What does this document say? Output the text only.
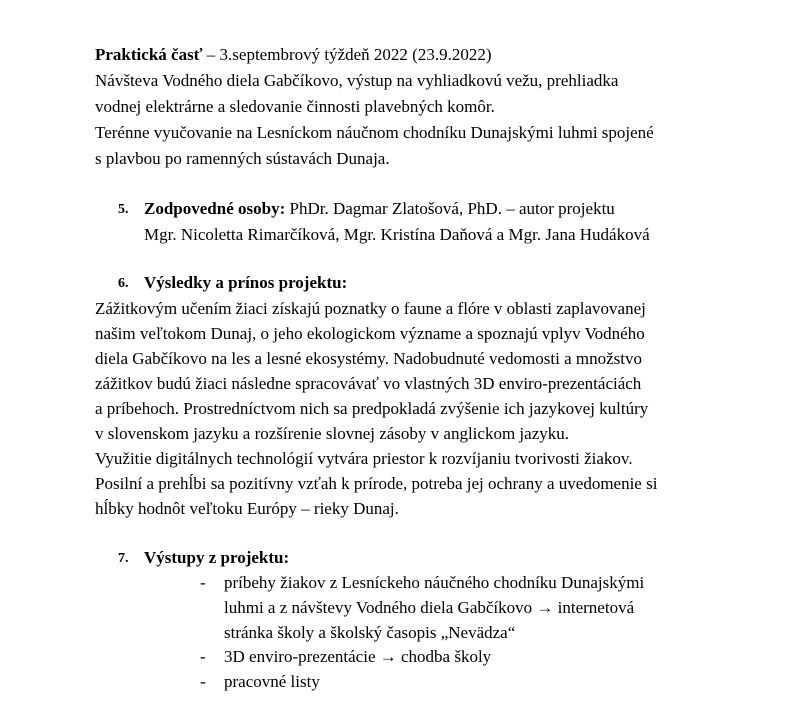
Praktická časť – 3.septembrový týždeň 2022 (23.9.2022)
Návšteva Vodného diela Gabčíkovo, výstup na vyhliadkovú vežu, prehliadka
vodnej elektrárne a sledovanie činnosti plavebných komôr.
Terénne vyučovanie na Lesníckom náučnom chodníku Dunajskými luhmi spojené
s plavbou po ramenných sústavách Dunaja.
5. Zodpovedné osoby: PhDr. Dagmar Zlatošová, PhD. – autor projektu
Mgr. Nicoletta Rimarčíková, Mgr. Kristína Daňová a Mgr. Jana Hudáková
6. Výsledky a prínos projektu:
Zážitkovým učením žiaci získajú poznatky o faune a flóre v oblasti zaplavovanej
našim veľtokom Dunaj, o jeho ekologickom význame a spoznajú vplyv Vodného
diela Gabčíkovo na les a lesné ekosystémy. Nadobudnuté vedomosti a množstvo
zážitkov budú žiaci následne spracovávať vo vlastných 3D enviro-prezentáciách
a príbehoch. Prostredníctvom nich sa predpokladá zvýšenie ich jazykovej kultúry
v slovenskom jazyku a rozšírenie slovnej zásoby v anglickom jazyku.
Využitie digitálnych technológií vytvára priestor k rozvíjaniu tvorivosti žiakov.
Posilní a prehĺbi sa pozitívny vzťah k prírode, potreba jej ochrany a uvedomenie si
hĺbky hodnôt veľtoku Európy – rieky Dunaj.
7. Výstupy z projektu:
- príbehy žiakov z Lesníckeho náučného chodníku Dunajskými
luhmi a z návštevy Vodného diela Gabčíkovo → internetová
stránka školy a školský časopis „Nevädza“
- 3D enviro-prezentácie → chodba školy
- pracovné listy
